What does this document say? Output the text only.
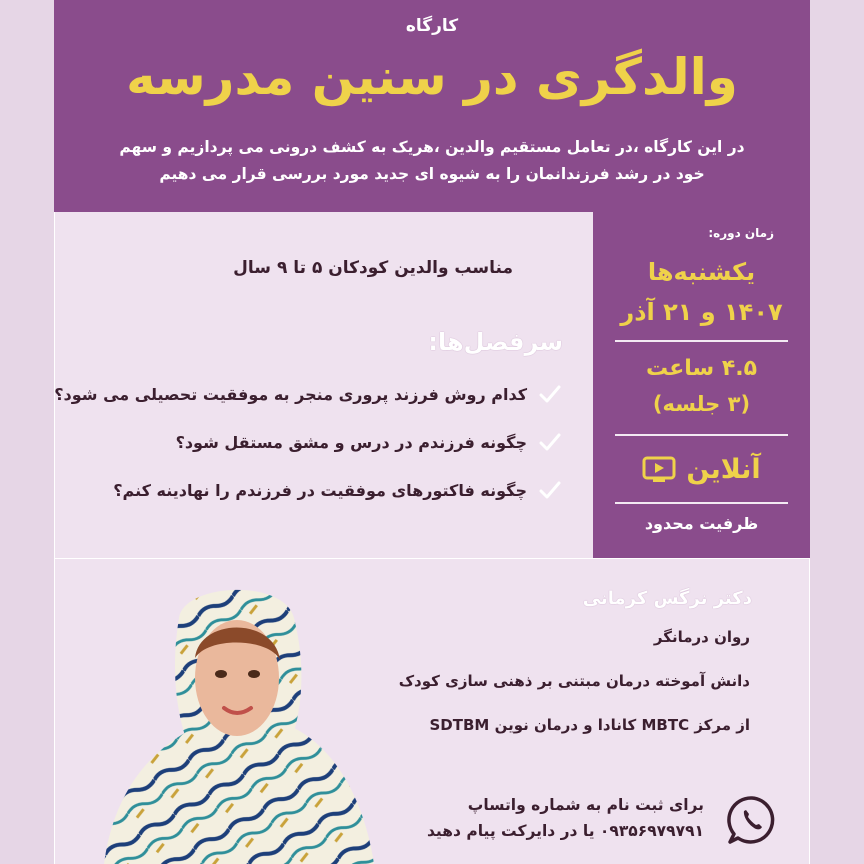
کارگاه
والدگری در سنین مدرسه
در این کارگاه ،در تعامل مستقیم والدین ،هریک به کشف درونی می پردازیم و سهم
خود در رشد فرزندانمان را به شیوه ای جدید مورد بررسی قرار می دهیم
زمان دوره:
یکشنبه‌ها
۱۴۰۷ و ۲۱ آذر
۴.۵ ساعت
(۳ جلسه)
آنلاین
ظرفیت محدود
مناسب والدین کودکان ۵ تا ۹ سال
سرفصل‌ها:
کدام روش فرزند پروری منجر به موفقیت تحصیلی می شود؟
چگونه فرزندم در درس و مشق مستقل شود؟
چگونه فاکتورهای موفقیت در فرزندم را نهادینه کنم؟
دکتر نرگس کرمانی
روان درمانگر
دانش آموخته درمان مبتنی بر ذهنی سازی کودک
از مرکز MBTC کانادا و درمان نوین SDTBM
برای ثبت نام به شماره واتساپ
۰۹۳۵۶۹۷۹۷۹۱ یا در دایرکت پیام دهید
